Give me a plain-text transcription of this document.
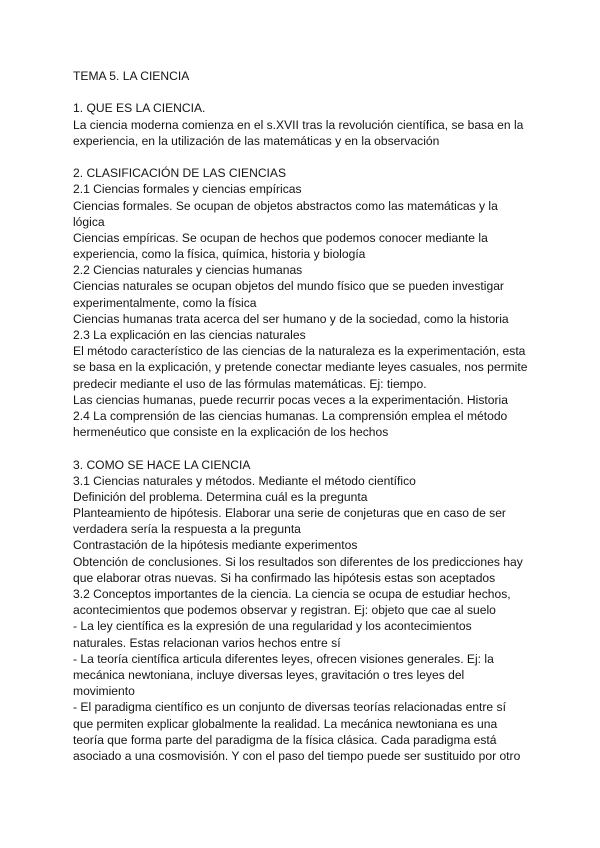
TEMA 5. LA CIENCIA
1. QUE ES LA CIENCIA.
La ciencia moderna comienza en el s.XVII tras la revolución científica, se basa en la
experiencia, en la utilización de las matemáticas y en la observación
2. CLASIFICACIÓN DE LAS CIENCIAS
2.1 Ciencias formales y ciencias empíricas
Ciencias formales. Se ocupan de objetos abstractos como las matemáticas y la
lógica
Ciencias empíricas. Se ocupan de hechos que podemos conocer mediante la
experiencia, como la física, química, historia y biología
2.2 Ciencias naturales y ciencias humanas
Ciencias naturales se ocupan objetos del mundo físico que se pueden investigar
experimentalmente, como la física
Ciencias humanas trata acerca del ser humano y de la sociedad, como la historia
2.3 La explicación en las ciencias naturales
El método característico de las ciencias de la naturaleza es la experimentación, esta
se basa en la explicación, y pretende conectar mediante leyes casuales, nos permite
predecir mediante el uso de las fórmulas matemáticas. Ej: tiempo.
Las ciencias humanas, puede recurrir pocas veces a la experimentación. Historia
2.4 La comprensión de las ciencias humanas. La comprensión emplea el método
hermenéutico que consiste en la explicación de los hechos
3. COMO SE HACE LA CIENCIA
3.1 Ciencias naturales y métodos. Mediante el método científico
Definición del problema. Determina cuál es la pregunta
Planteamiento de hipótesis. Elaborar una serie de conjeturas que en caso de ser
verdadera sería la respuesta a la pregunta
Contrastación de la hipótesis mediante experimentos
Obtención de conclusiones. Si los resultados son diferentes de los predicciones hay
que elaborar otras nuevas. Si ha confirmado las hipótesis estas son aceptados
3.2 Conceptos importantes de la ciencia. La ciencia se ocupa de estudiar hechos,
acontecimientos que podemos observar y registran. Ej: objeto que cae al suelo
- La ley científica es la expresión de una regularidad y los acontecimientos
naturales. Estas relacionan varios hechos entre sí
- La teoría científica articula diferentes leyes, ofrecen visiones generales. Ej: la
mecánica newtoniana, incluye diversas leyes, gravitación o tres leyes del
movimiento
- El paradigma científico es un conjunto de diversas teorías relacionadas entre sí
que permiten explicar globalmente la realidad. La mecánica newtoniana es una
teoría que forma parte del paradigma de la física clásica. Cada paradigma está
asociado a una cosmovisión. Y con el paso del tiempo puede ser sustituido por otro
